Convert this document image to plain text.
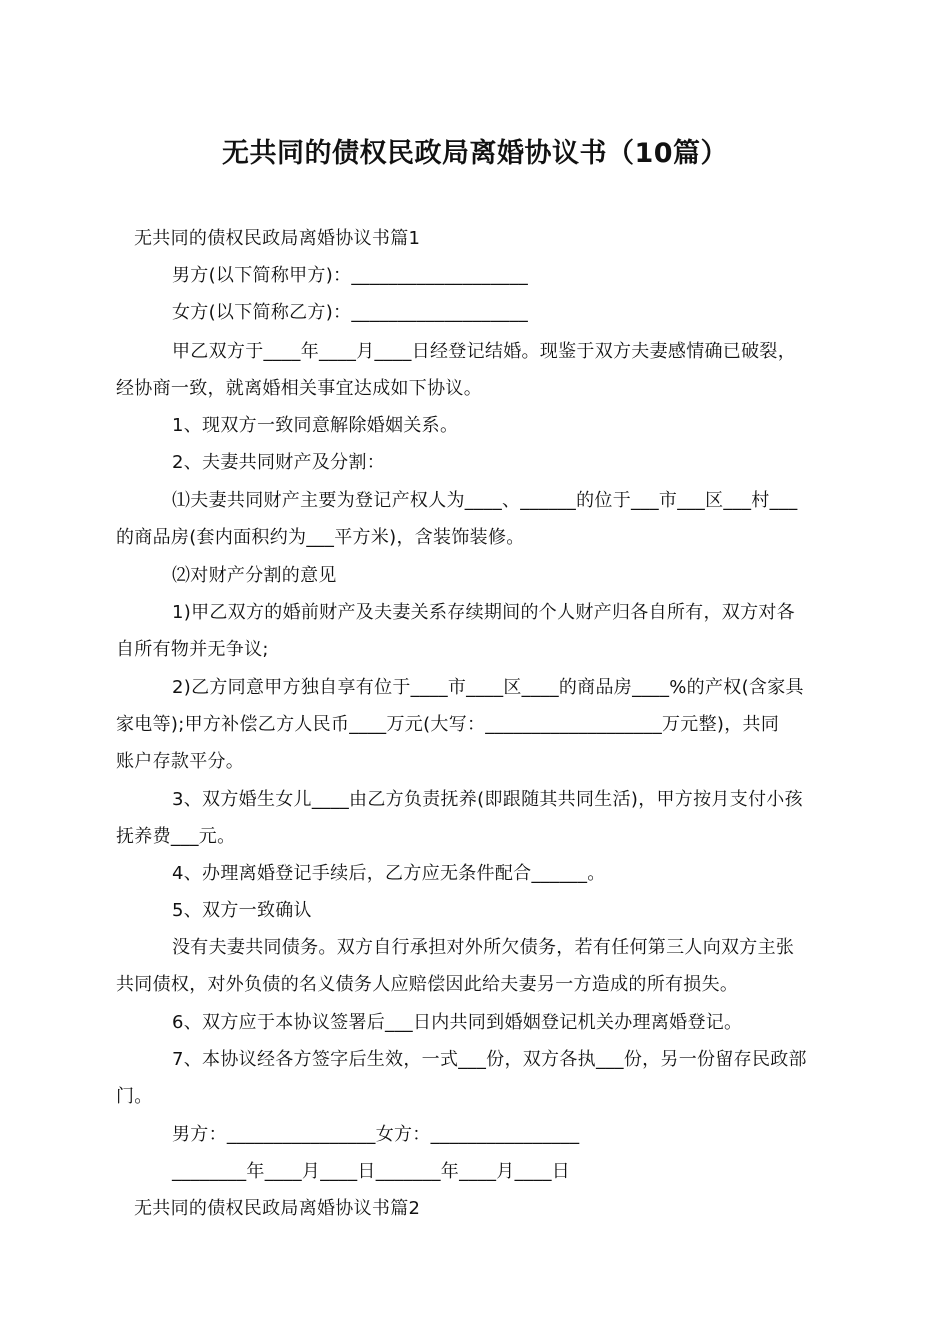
无共同的债权民政局离婚协议书（10篇）
无共同的债权民政局离婚协议书篇1
男方(以下简称甲方)：___________________
女方(以下简称乙方)：___________________
甲乙双方于____年____月____日经登记结婚。现鉴于双方夫妻感情确已破裂，
经协商一致，就离婚相关事宜达成如下协议。
1、现双方一致同意解除婚姻关系。
2、夫妻共同财产及分割：
⑴夫妻共同财产主要为登记产权人为____、______的位于___市___区___村___
的商品房(套内面积约为___平方米)，含装饰装修。
⑵对财产分割的意见
1)甲乙双方的婚前财产及夫妻关系存续期间的个人财产归各自所有，双方对各
自所有物并无争议;
2)乙方同意甲方独自享有位于____市____区____的商品房____%的产权(含家具
家电等);甲方补偿乙方人民币____万元(大写：___________________万元整)，共同
账户存款平分。
3、双方婚生女儿____由乙方负责抚养(即跟随其共同生活)，甲方按月支付小孩
抚养费___元。
4、办理离婚登记手续后，乙方应无条件配合______。
5、双方一致确认
没有夫妻共同债务。双方自行承担对外所欠债务，若有任何第三人向双方主张
共同债权，对外负债的名义债务人应赔偿因此给夫妻另一方造成的所有损失。
6、双方应于本协议签署后___日内共同到婚姻登记机关办理离婚登记。
7、本协议经各方签字后生效，一式___份，双方各执___份，另一份留存民政部
门。
男方：________________女方：________________
________年____月____日_______年____月____日
无共同的债权民政局离婚协议书篇2
